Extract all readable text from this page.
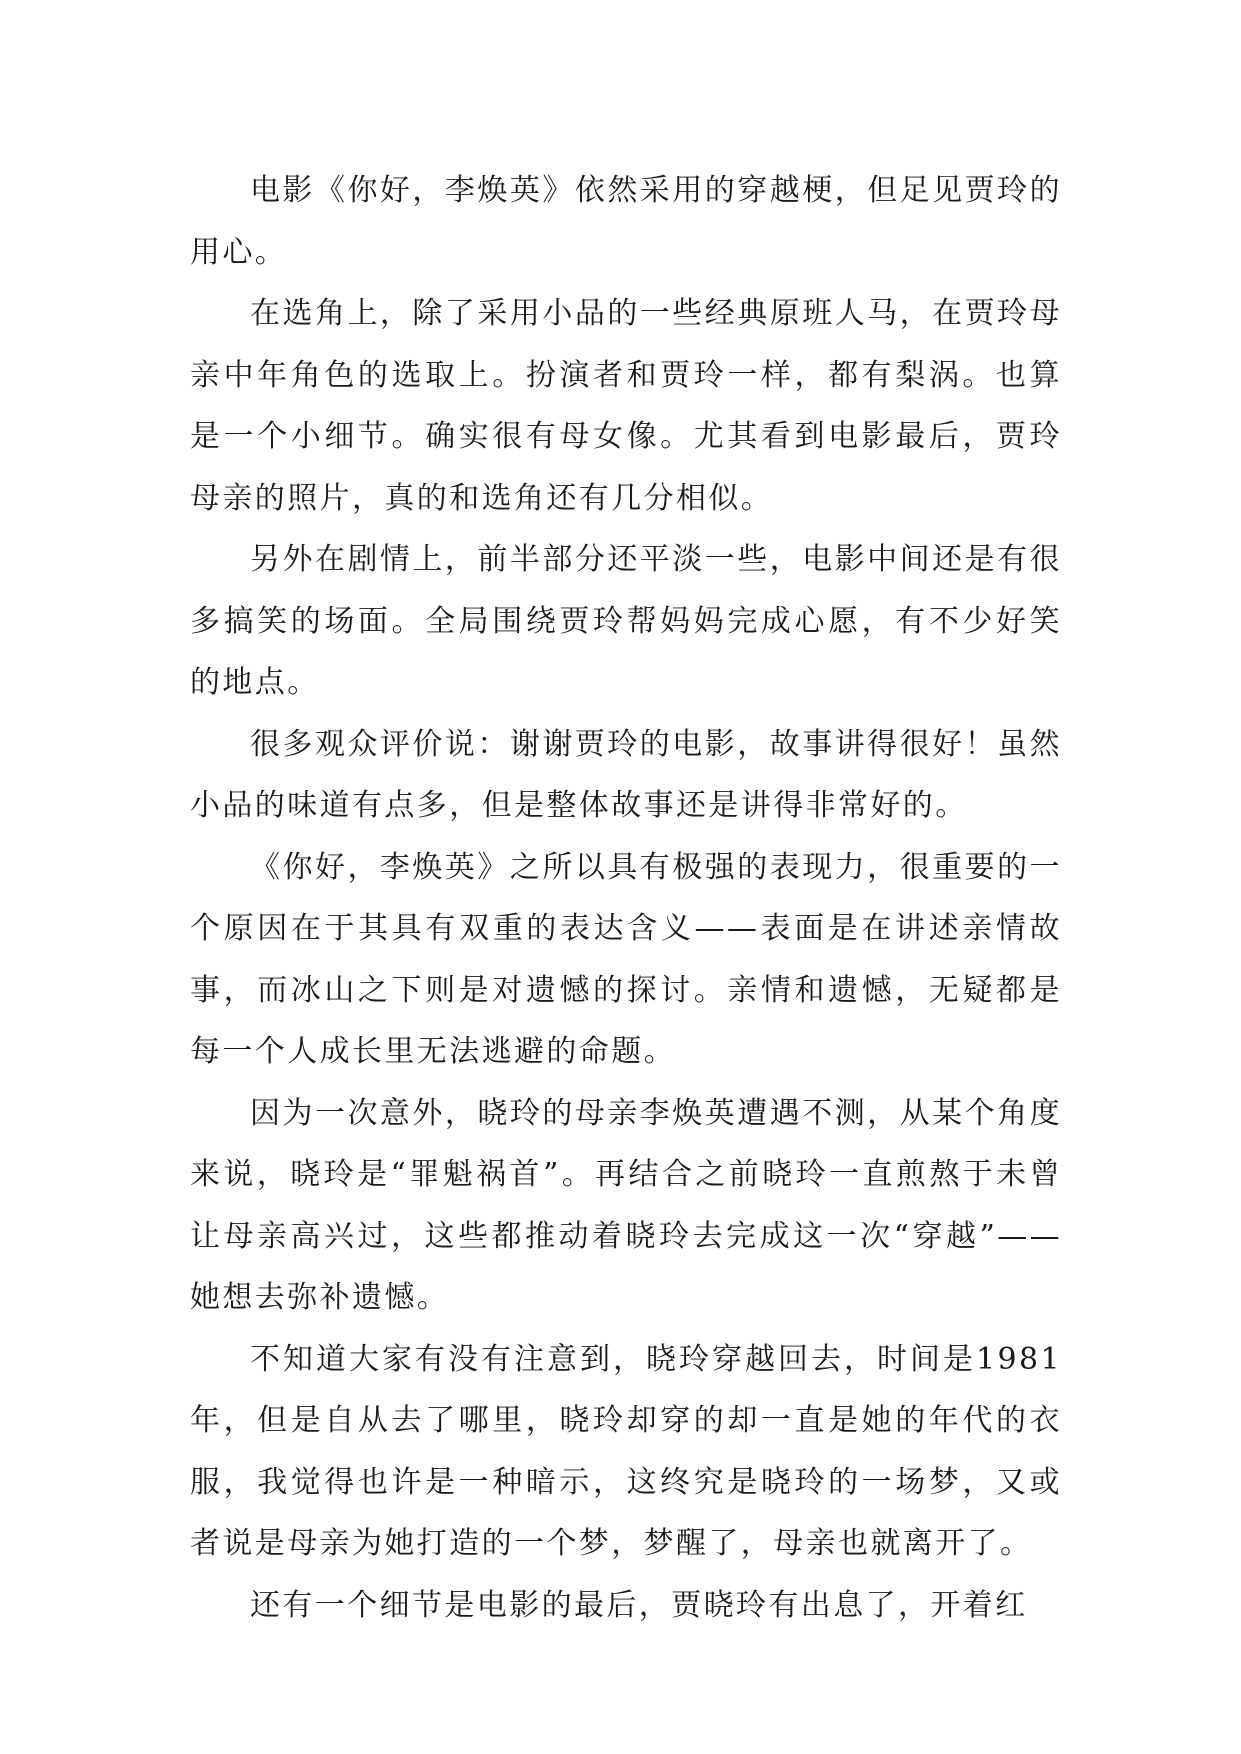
电影《你好，李焕英》依然采用的穿越梗，但足见贾玲的用心。

在选角上，除了采用小品的一些经典原班人马，在贾玲母亲中年角色的选取上。扮演者和贾玲一样，都有梨涡。也算是一个小细节。确实很有母女像。尤其看到电影最后，贾玲母亲的照片，真的和选角还有几分相似。

另外在剧情上，前半部分还平淡一些，电影中间还是有很多搞笑的场面。全局围绕贾玲帮妈妈完成心愿，有不少好笑的地点。

很多观众评价说：谢谢贾玲的电影，故事讲得很好！虽然小品的味道有点多，但是整体故事还是讲得非常好的。

《你好，李焕英》之所以具有极强的表现力，很重要的一个原因在于其具有双重的表达含义——表面是在讲述亲情故事，而冰山之下则是对遗憾的探讨。亲情和遗憾，无疑都是每一个人成长里无法逃避的命题。

因为一次意外，晓玲的母亲李焕英遭遇不测，从某个角度来说，晓玲是“罪魁祸首”。再结合之前晓玲一直煎熬于未曾让母亲高兴过，这些都推动着晓玲去完成这一次“穿越”——她想去弥补遗憾。

不知道大家有没有注意到，晓玲穿越回去，时间是1981年，但是自从去了哪里，晓玲却穿的却一直是她的年代的衣服，我觉得也许是一种暗示，这终究是晓玲的一场梦，又或者说是母亲为她打造的一个梦，梦醒了，母亲也就离开了。

还有一个细节是电影的最后，贾晓玲有出息了，开着红
